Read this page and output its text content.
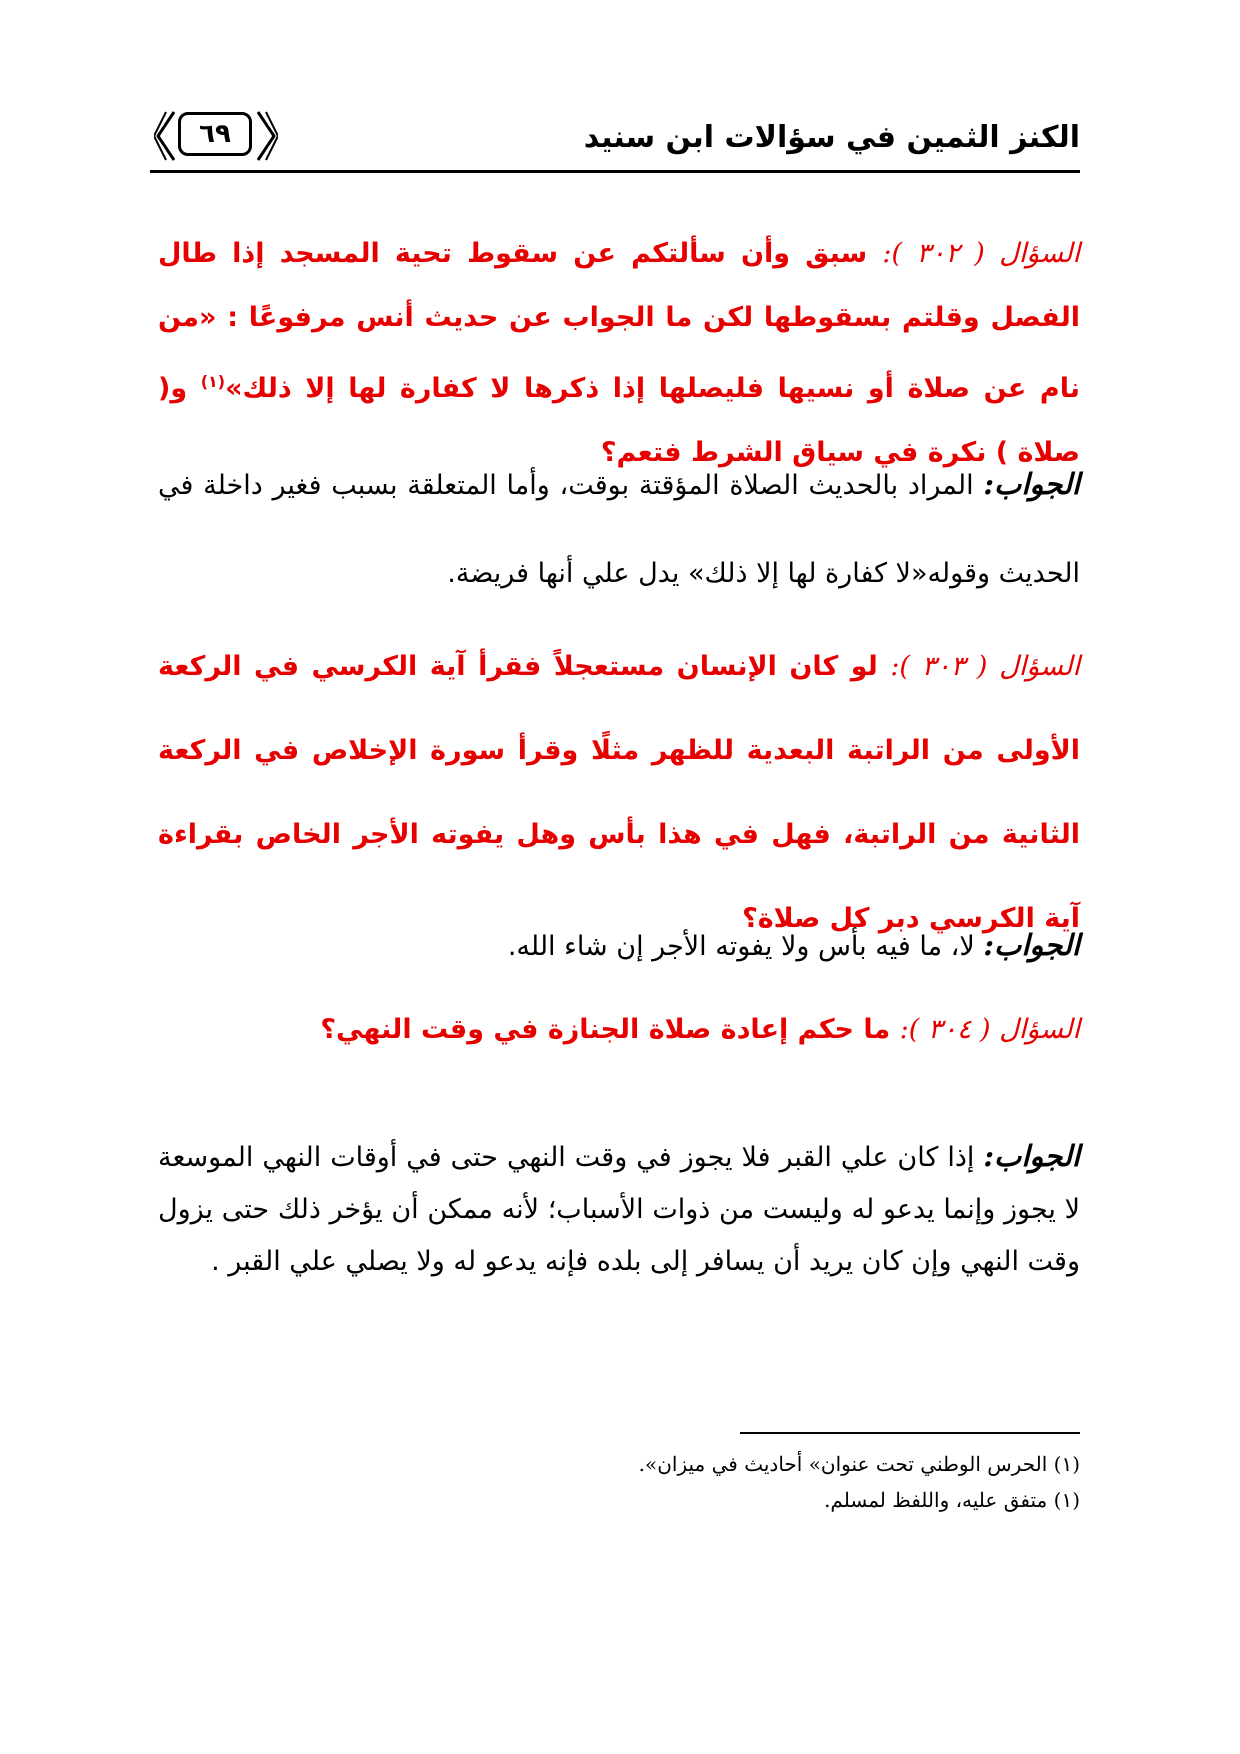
الكنز الثمين في سؤالات ابن سنيد
٦٩
السؤال ( ٣٠٢ ): سبق وأن سألتكم عن سقوط تحية المسجد إذا طال الفصل وقلتم بسقوطها لكن ما الجواب عن حديث أنس مرفوعًا : «من نام عن صلاة أو نسيها فليصلها إذا ذكرها لا كفارة لها إلا ذلك»$^{(١)}$ و( صلاة ) نكرة في سياق الشرط فتعم؟
الجواب: المراد بالحديث الصلاة المؤقتة بوقت، وأما المتعلقة بسبب فغير داخلة في الحديث وقوله«لا كفارة لها إلا ذلك» يدل علي أنها فريضة.
السؤال ( ٣٠٣ ): لو كان الإنسان مستعجلاً فقرأ آية الكرسي في الركعة الأولى من الراتبة البعدية للظهر مثلًا وقرأ سورة الإخلاص في الركعة الثانية من الراتبة، فهل في هذا بأس وهل يفوته الأجر الخاص بقراءة آية الكرسي دبر كل صلاة؟
الجواب: لا، ما فيه بأس ولا يفوته الأجر إن شاء الله.
السؤال ( ٣٠٤ ): ما حكم إعادة صلاة الجنازة في وقت النهي؟
الجواب: إذا كان علي القبر فلا يجوز في وقت النهي حتى في أوقات النهي الموسعة لا يجوز وإنما يدعو له وليست من ذوات الأسباب؛ لأنه ممكن أن يؤخر ذلك حتى يزول وقت النهي وإن كان يريد أن يسافر إلى بلده فإنه يدعو له ولا يصلي علي القبر .
(١) الحرس الوطني تحت عنوان» أحاديث في ميزان».
(١) متفق عليه، واللفظ لمسلم.
